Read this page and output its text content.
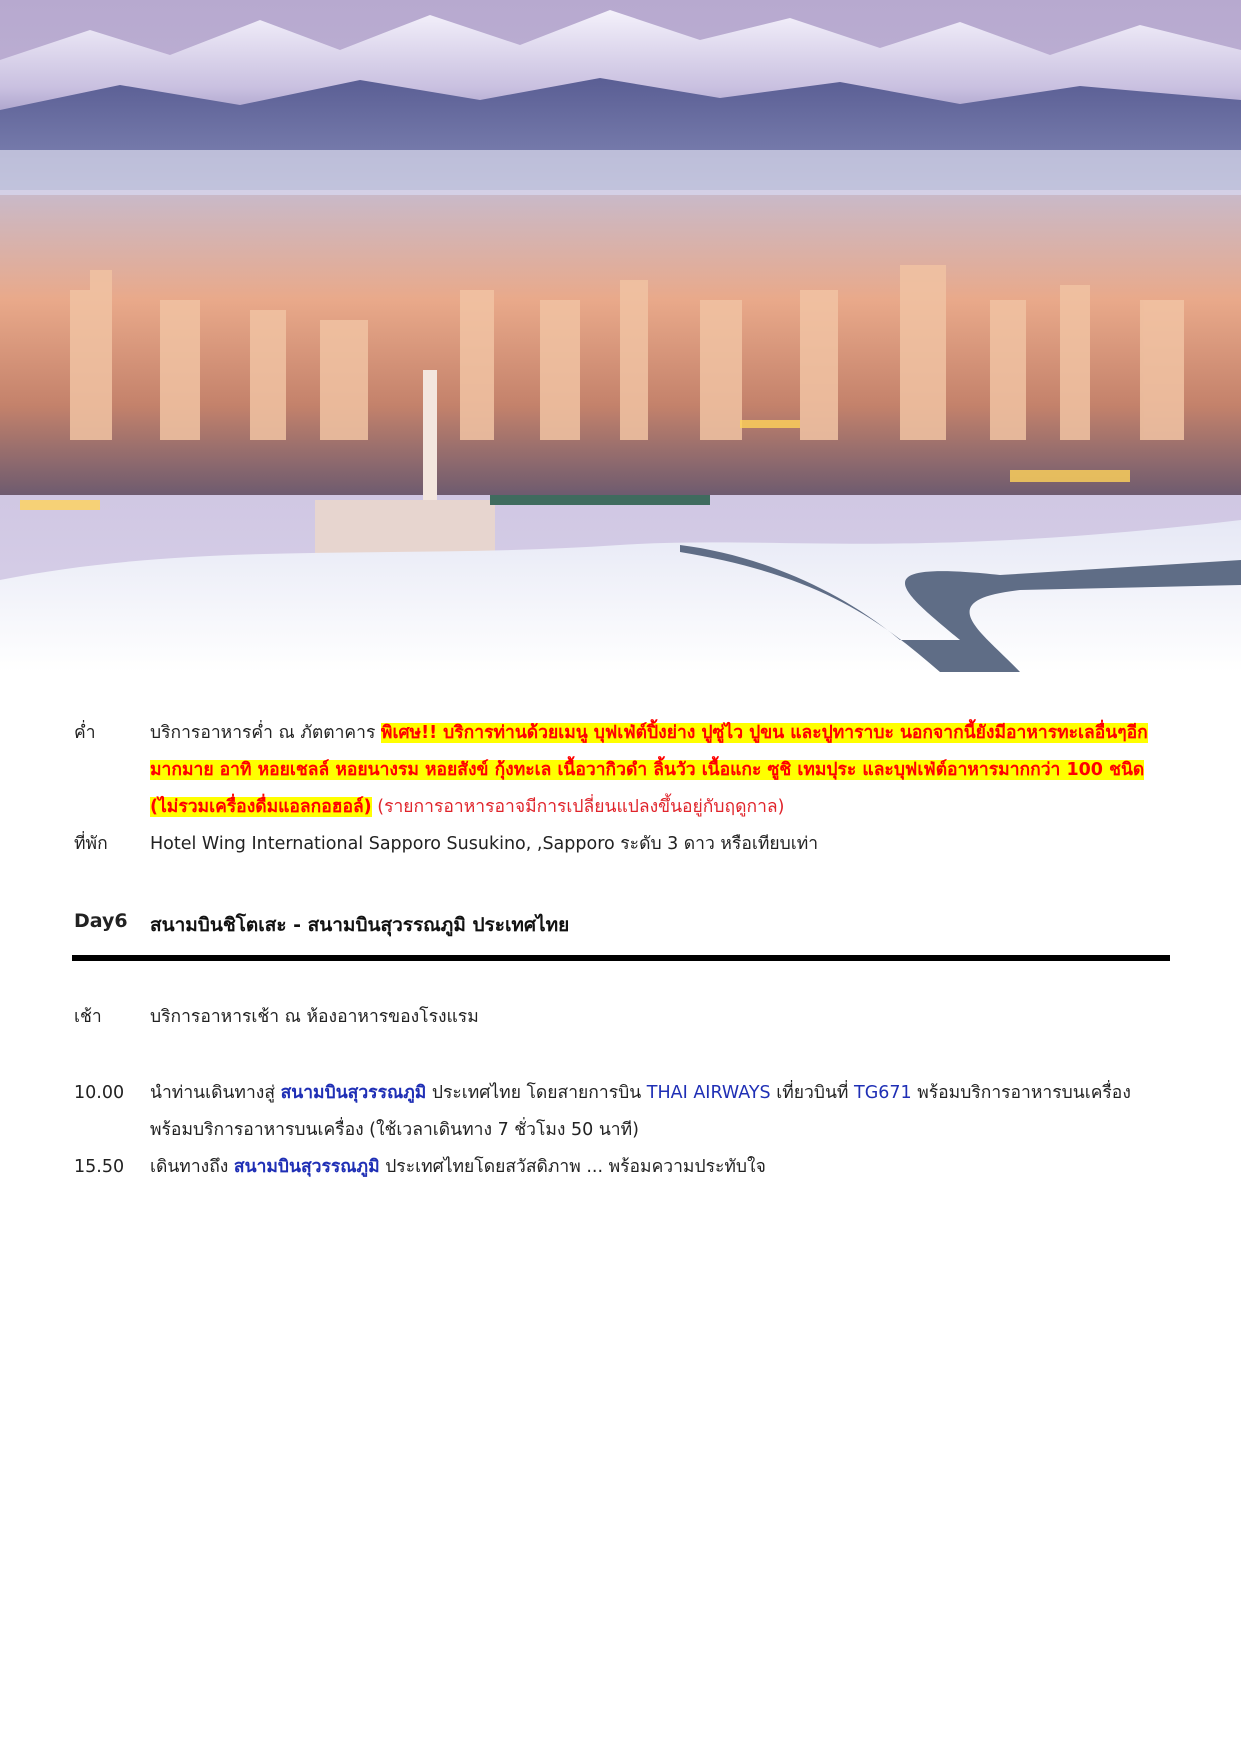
ค่ำ	บริการอาหารค่ำ ณ ภัตตาคาร พิเศษ!! บริการท่านด้วยเมนู บุฟเฟ่ต์ปิ้งย่าง ปูซู่ไว ปูขน และปูทาราบะ นอกจากนี้ยังมีอาหารทะเลอื่นๆอีกมากมาย อาทิ หอยเชลล์ หอยนางรม หอยสังข์ กุ้งทะเล เนื้อวากิวดำ ลิ้นวัว เนื้อแกะ ซูชิ เทมปุระ และบุฟเฟ่ต์อาหารมากกว่า 100 ชนิด (ไม่รวมเครื่องดื่มแอลกอฮอล์) (รายการอาหารอาจมีการเปลี่ยนแปลงขึ้นอยู่กับฤดูกาล)
ที่พัก	Hotel Wing International Sapporo Susukino, ,Sapporo ระดับ 3 ดาว หรือเทียบเท่า
Day6	สนามบินชิโตเสะ - สนามบินสุวรรณภูมิ ประเทศไทย
เช้า	บริการอาหารเช้า ณ ห้องอาหารของโรงแรม
10.00	นำท่านเดินทางสู่ สนามบินสุวรรณภูมิ ประเทศไทย โดยสายการบิน THAI AIRWAYS เที่ยวบินที่ TG671 พร้อมบริการอาหารบนเครื่อง พร้อมบริการอาหารบนเครื่อง (ใช้เวลาเดินทาง 7 ชั่วโมง 50 นาที)
15.50	เดินทางถึง สนามบินสุวรรณภูมิ ประเทศไทยโดยสวัสดิภาพ ... พร้อมความประทับใจ
